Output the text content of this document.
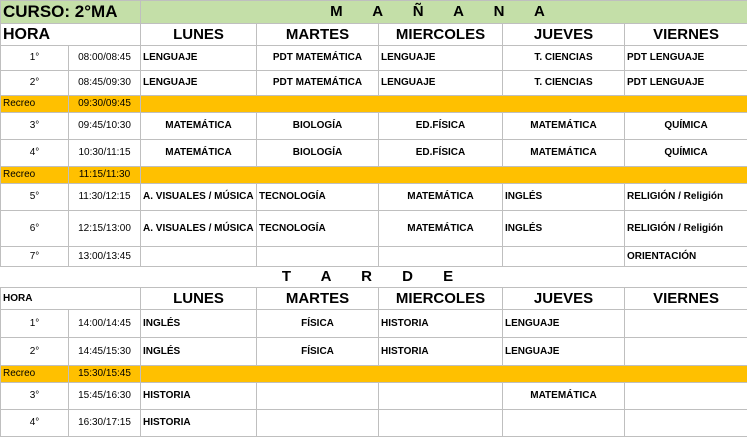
CURSO: 2°MA		M A Ñ A N A				
HORA		LUNES	MARTES	MIERCOLES	JUEVES	VIERNES
1°	08:00/08:45	LENGUAJE	PDT MATEMÁTICA	LENGUAJE	T. CIENCIAS	PDT LENGUAJE
2°	08:45/09:30	LENGUAJE	PDT MATEMÁTICA	LENGUAJE	T. CIENCIAS	PDT LENGUAJE
Recreo	09:30/09:45					
3°	09:45/10:30	MATEMÁTICA	BIOLOGÍA	ED.FÍSICA	MATEMÁTICA	QUÍMICA
4°	10:30/11:15	MATEMÁTICA	BIOLOGÍA	ED.FÍSICA	MATEMÁTICA	QUÍMICA
Recreo	11:15/11:30					
5°	11:30/12:15	A. VISUALES / MÚSICA	TECNOLOGÍA	MATEMÁTICA	INGLÉS	RELIGIÓN / Religión
6°	12:15/13:00	A. VISUALES / MÚSICA	TECNOLOGÍA	MATEMÁTICA	INGLÉS	RELIGIÓN / Religión
7°	13:00/13:45					ORIENTACIÓN
T A R D E						
HORA		LUNES	MARTES	MIERCOLES	JUEVES	VIERNES
1°	14:00/14:45	INGLÉS	FÍSICA	HISTORIA	LENGUAJE	
2°	14:45/15:30	INGLÉS	FÍSICA	HISTORIA	LENGUAJE	
Recreo	15:30/15:45					
3°	15:45/16:30	HISTORIA			MATEMÁTICA	
4°	16:30/17:15	HISTORIA				
